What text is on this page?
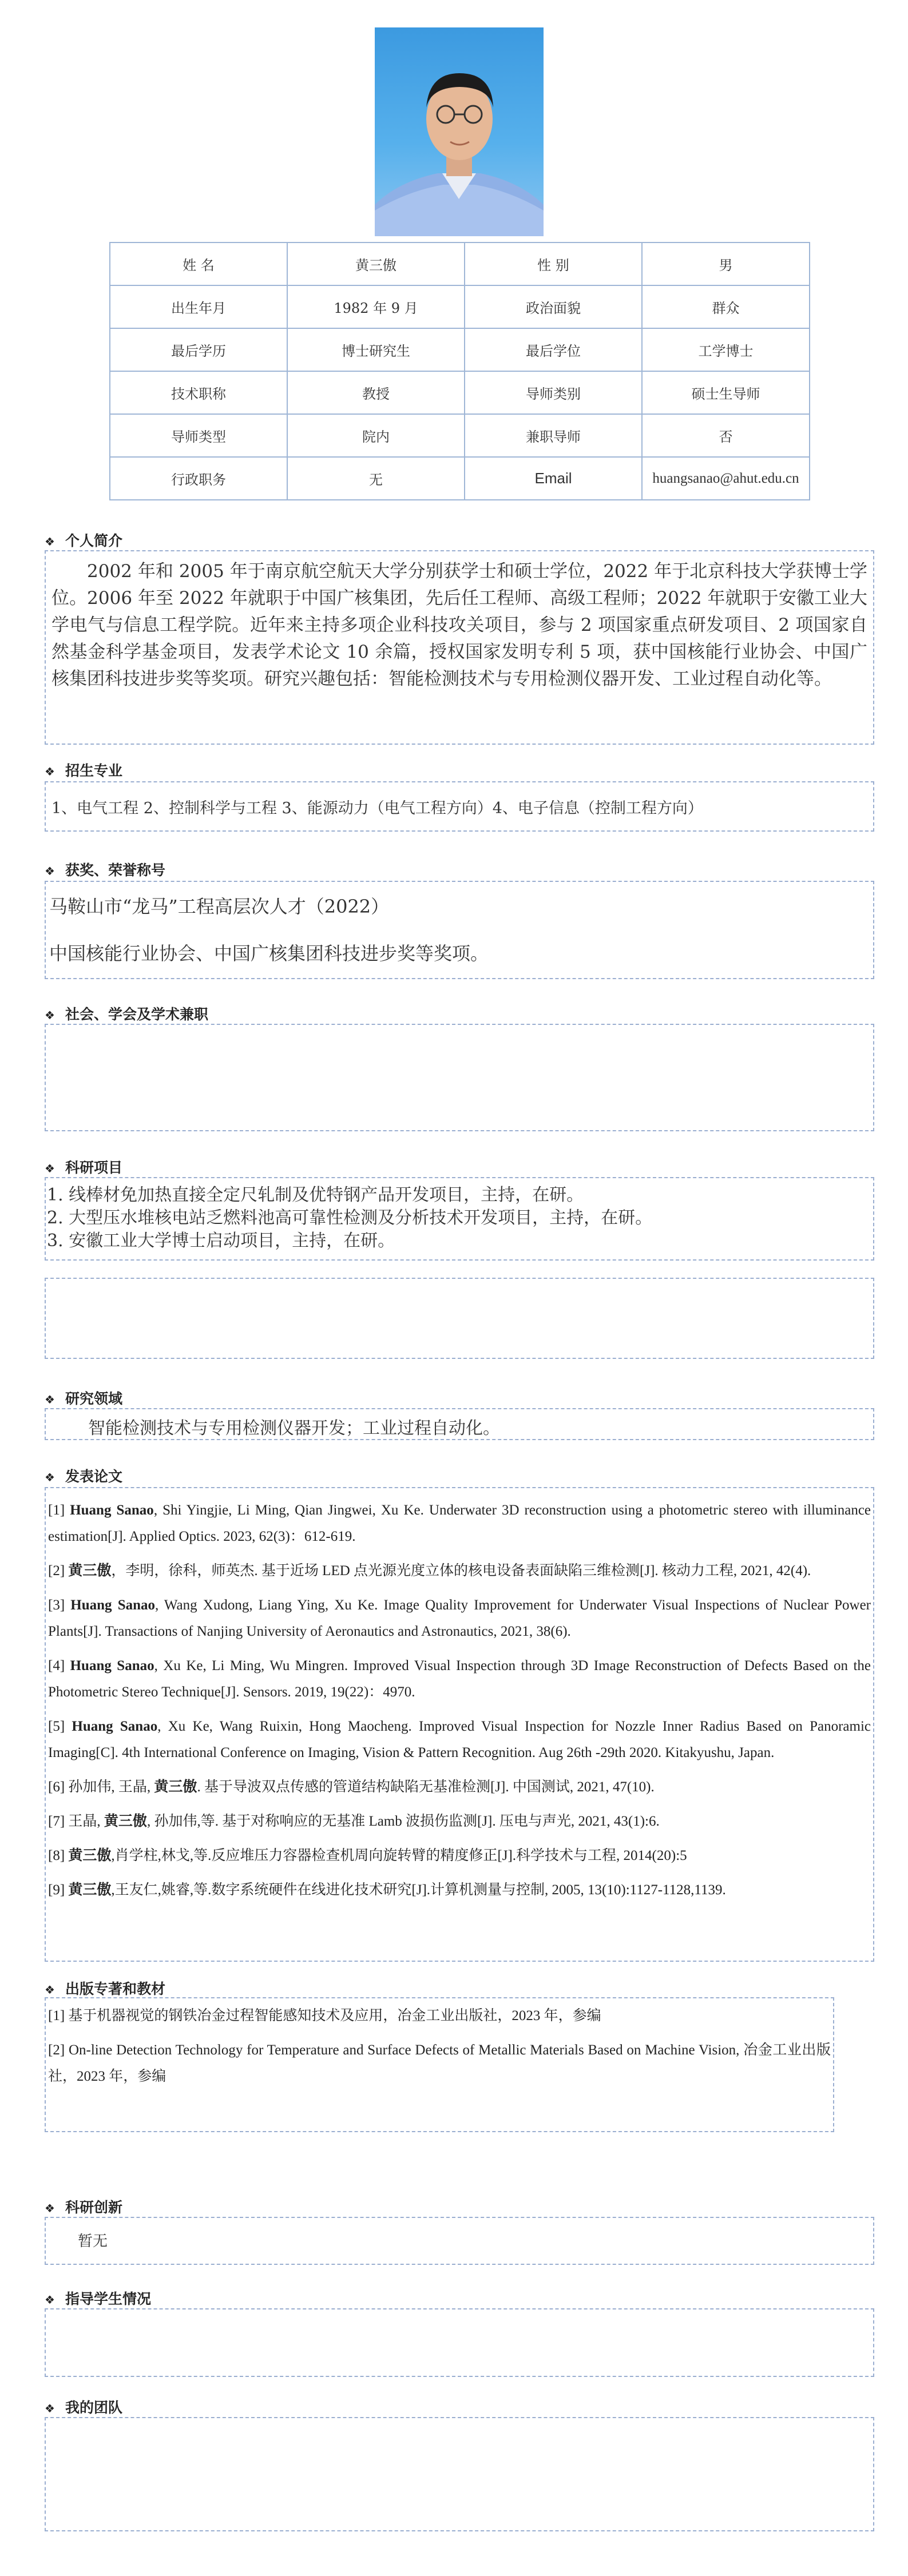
姓 名	黄三傲	性 别	男
出生年月	1982 年 9 月	政治面貌	群众
最后学历	博士研究生	最后学位	工学博士
技术职称	教授	导师类别	硕士生导师
导师类型	院内	兼职导师	否
行政职务	无	Email	huangsanao@ahut.edu.cn
❖ 个人简介
2002 年和 2005 年于南京航空航天大学分别获学士和硕士学位，2022 年于北京科技大学获博士学位。2006 年至 2022 年就职于中国广核集团，先后任工程师、高级工程师；2022 年就职于安徽工业大学电气与信息工程学院。近年来主持多项企业科技攻关项目，参与 2 项国家重点研发项目、2 项国家自然基金科学基金项目，发表学术论文 10 余篇，授权国家发明专利 5 项，获中国核能行业协会、中国广核集团科技进步奖等奖项。研究兴趣包括：智能检测技术与专用检测仪器开发、工业过程自动化等。
❖ 招生专业
1、电气工程 2、控制科学与工程 3、能源动力（电气工程方向）4、电子信息（控制工程方向）
❖ 获奖、荣誉称号
马鞍山市“龙马”工程高层次人才（2022）
中国核能行业协会、中国广核集团科技进步奖等奖项。
❖ 社会、学会及学术兼职
❖ 科研项目
1. 线棒材免加热直接全定尺轧制及优特钢产品开发项目，主持，在研。
2. 大型压水堆核电站乏燃料池高可靠性检测及分析技术开发项目，主持，在研。
3. 安徽工业大学博士启动项目，主持，在研。
❖ 研究领域
智能检测技术与专用检测仪器开发；工业过程自动化。
❖ 发表论文

[1] Huang Sanao, Shi Yingjie, Li Ming, Qian Jingwei, Xu Ke. Underwater 3D reconstruction using a photometric stereo with illuminance estimation[J]. Applied Optics. 2023, 62(3)：612-619.

[2] 黄三傲，李明，徐科，师英杰. 基于近场 LED 点光源光度立体的核电设备表面缺陷三维检测[J]. 核动力工程, 2021, 42(4).

[3] Huang Sanao, Wang Xudong, Liang Ying, Xu Ke. Image Quality Improvement for Underwater Visual Inspections of Nuclear Power Plants[J]. Transactions of Nanjing University of Aeronautics and Astronautics, 2021, 38(6).

[4] Huang Sanao, Xu Ke, Li Ming, Wu Mingren. Improved Visual Inspection through 3D Image Reconstruction of Defects Based on the Photometric Stereo Technique[J]. Sensors. 2019, 19(22)：4970.

[5] Huang Sanao, Xu Ke, Wang Ruixin, Hong Maocheng. Improved Visual Inspection for Nozzle Inner Radius Based on Panoramic Imaging[C]. 4th International Conference on Imaging, Vision & Pattern Recognition. Aug 26th -29th 2020. Kitakyushu, Japan.

[6] 孙加伟, 王晶, 黄三傲. 基于导波双点传感的管道结构缺陷无基准检测[J]. 中国测试, 2021, 47(10).

[7] 王晶, 黄三傲, 孙加伟,等. 基于对称响应的无基准 Lamb 波损伤监测[J]. 压电与声光, 2021, 43(1):6.

[8] 黄三傲,肖学柱,林戈,等.反应堆压力容器检查机周向旋转臂的精度修正[J].科学技术与工程, 2014(20):5

[9] 黄三傲,王友仁,姚睿,等.数字系统硬件在线进化技术研究[J].计算机测量与控制, 2005, 13(10):1127-1128,1139.

❖ 出版专著和教材

[1] 基于机器视觉的钢铁冶金过程智能感知技术及应用，冶金工业出版社，2023 年，参编

[2] On-line Detection Technology for Temperature and Surface Defects of Metallic Materials Based on Machine Vision, 冶金工业出版社，2023 年，参编

❖ 科研创新
暂无
❖ 指导学生情况
❖ 我的团队
